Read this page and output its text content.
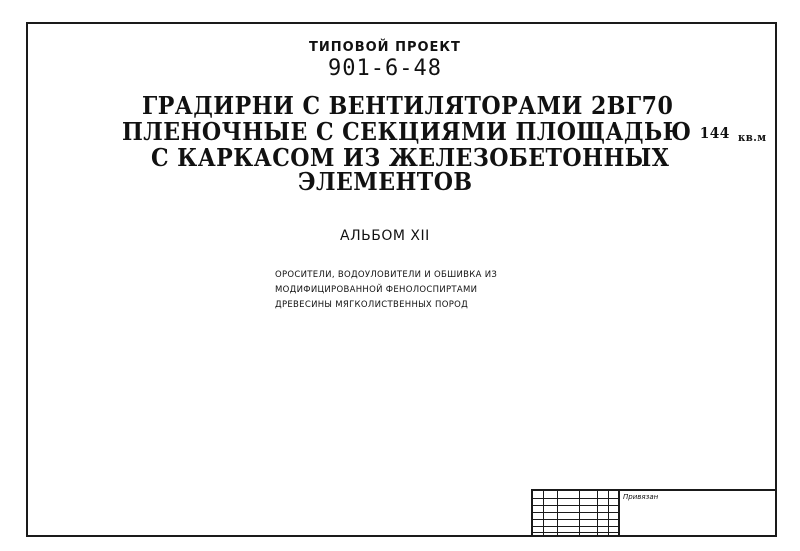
ТИПОВОЙ ПРОЕКТ
901-6-48
ГРАДИРНИ С ВЕНТИЛЯТОРАМИ 2ВГ70
ПЛЕНОЧНЫЕ С СЕКЦИЯМИ ПЛОЩАДЬЮ 144 кв.м
С КАРКАСОМ ИЗ ЖЕЛЕЗОБЕТОННЫХ
ЭЛЕМЕНТОВ
АЛЬБОМ XII
ОРОСИТЕЛИ, ВОДОУЛОВИТЕЛИ И ОБШИВКА ИЗ
МОДИФИЦИРОВАННОЙ ФЕНОЛОСПИРТАМИ
ДРЕВЕСИНЫ МЯГКОЛИСТВЕННЫХ ПОРОД
Привязан
